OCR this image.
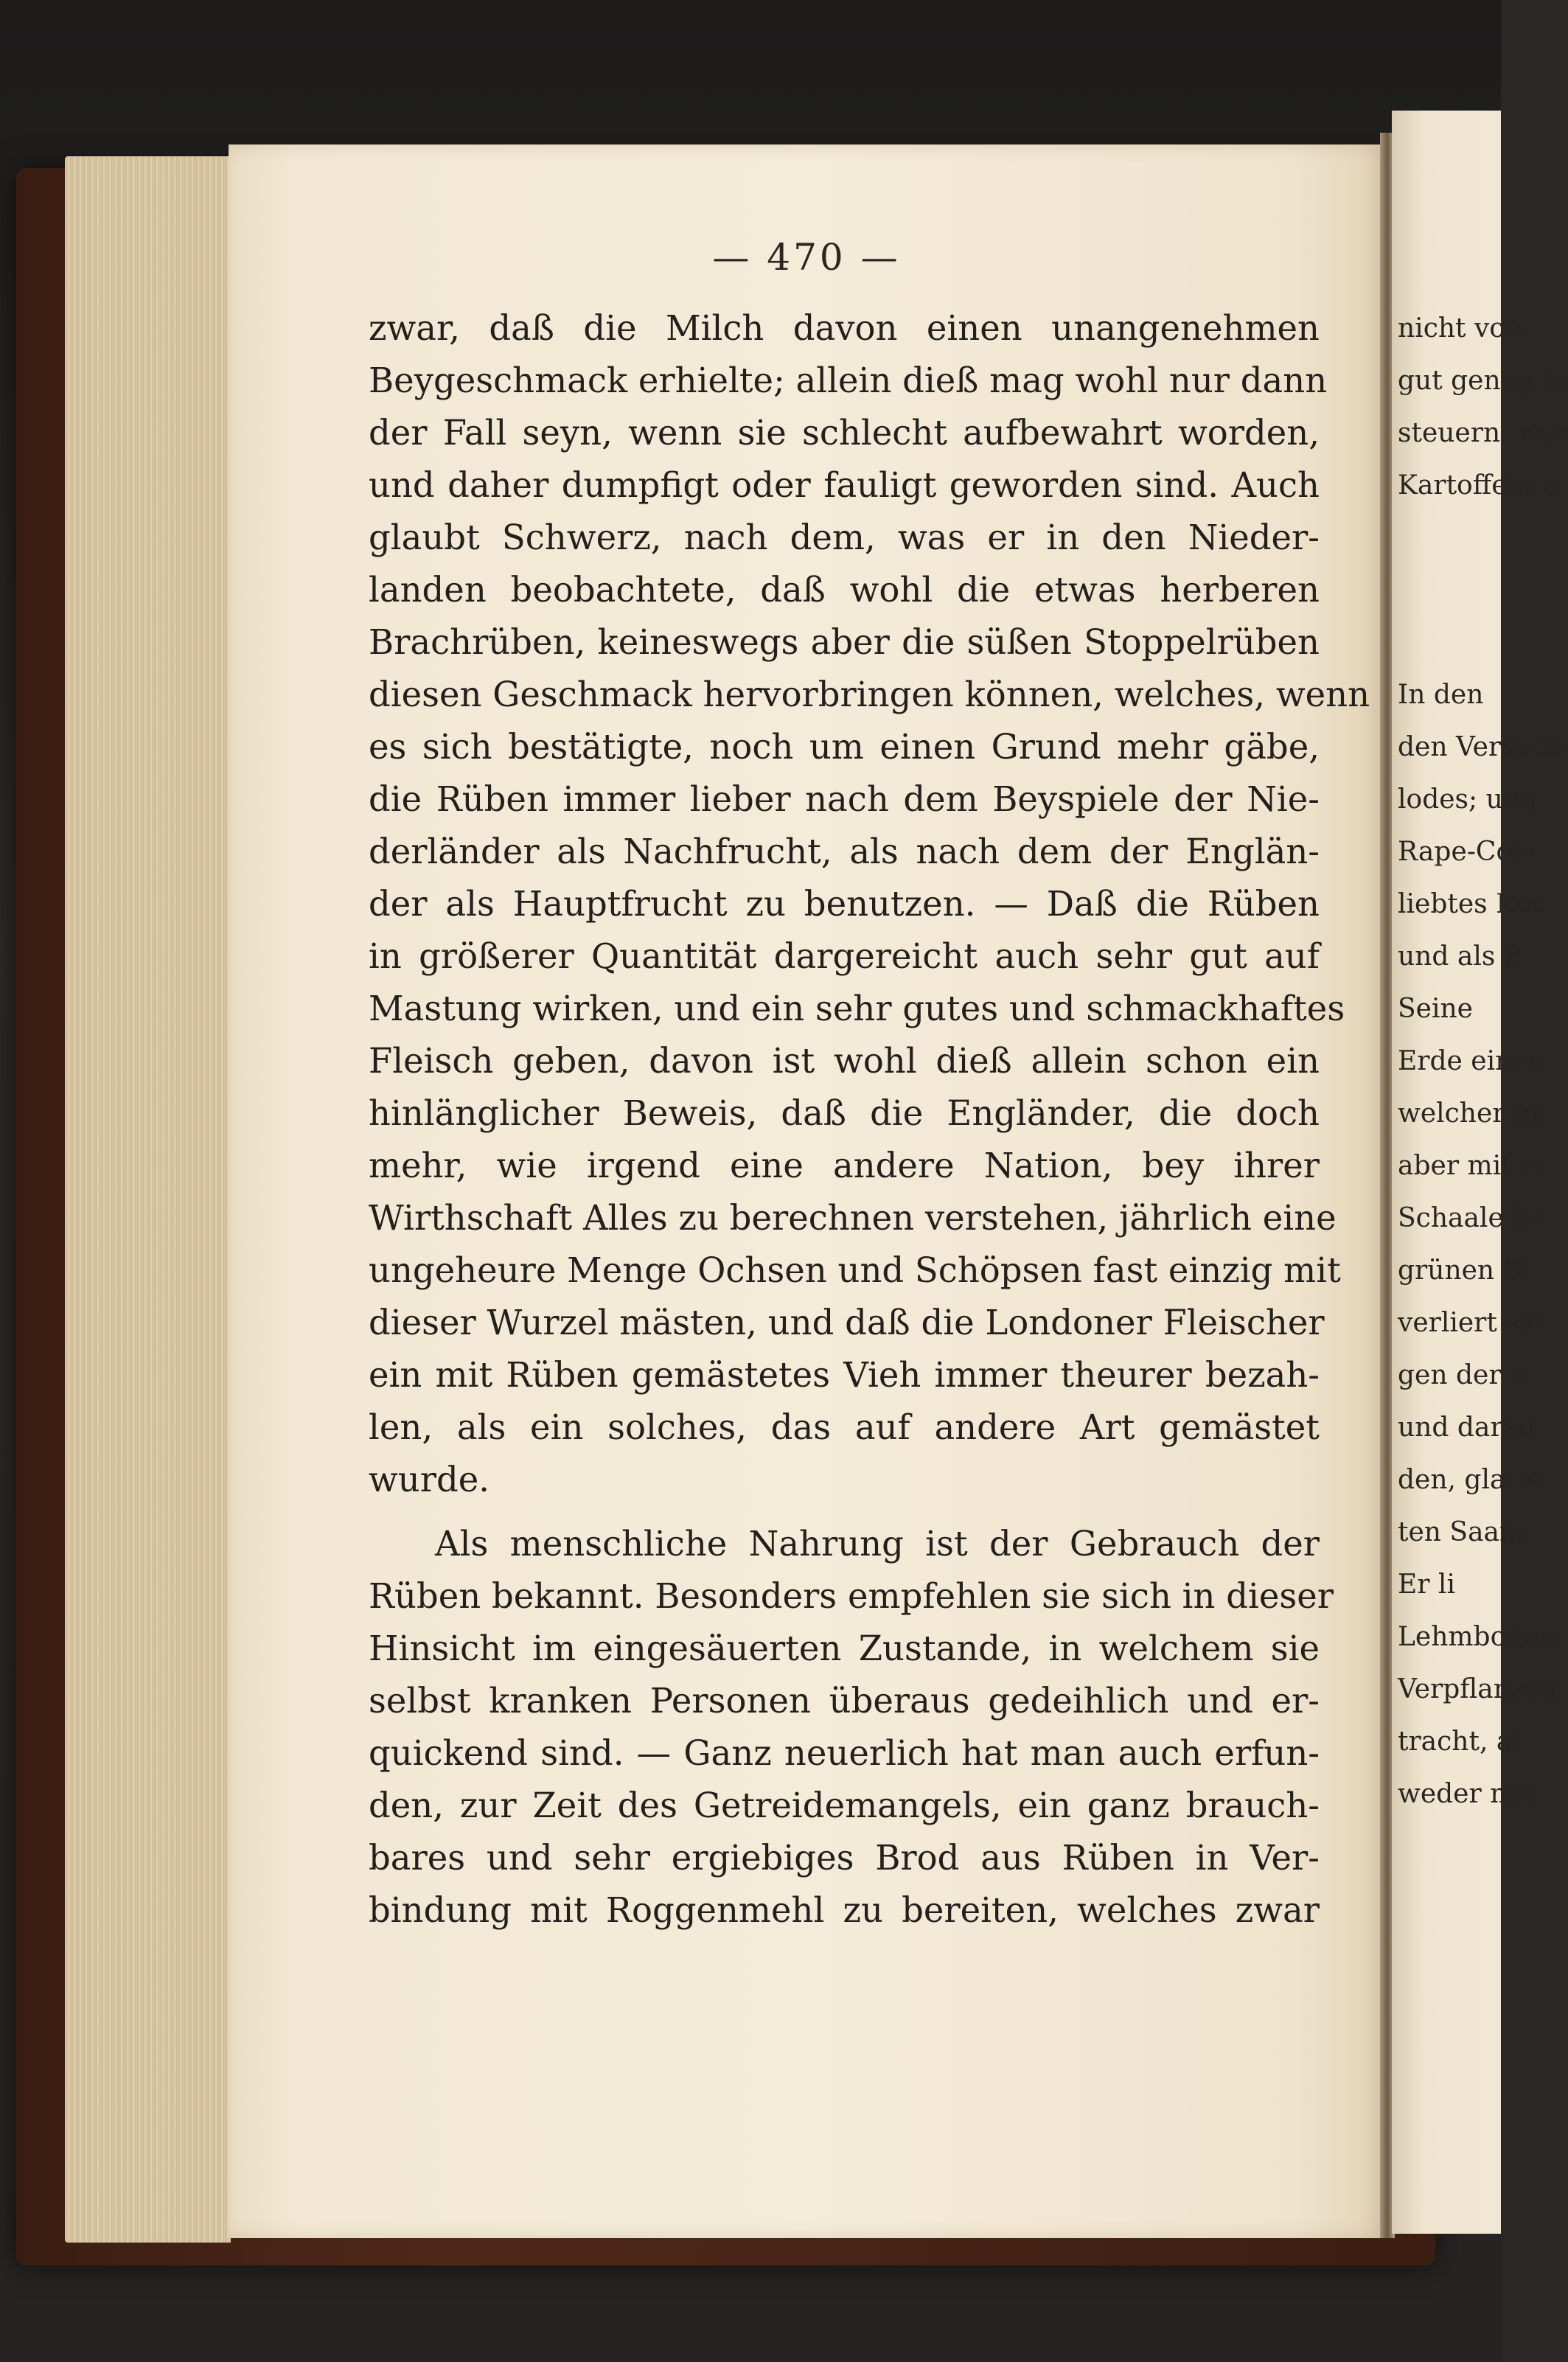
— 470 —
zwar, daß die Milch davon einen unangenehmen
Beygeschmack erhielte; allein dieß mag wohl nur dann
der Fall seyn, wenn sie schlecht aufbewahrt worden,
und daher dumpfigt oder fauligt geworden sind. Auch
glaubt Schwerz, nach dem, was er in den Nieder-
landen beobachtete, daß wohl die etwas herberen
Brachrüben, keineswegs aber die süßen Stoppelrüben
diesen Geschmack hervorbringen können, welches, wenn
es sich bestätigte, noch um einen Grund mehr gäbe,
die Rüben immer lieber nach dem Beyspiele der Nie-
derländer als Nachfrucht, als nach dem der Englän-
der als Hauptfrucht zu benutzen. — Daß die Rüben
in größerer Quantität dargereicht auch sehr gut auf
Mastung wirken, und ein sehr gutes und schmackhaftes
Fleisch geben, davon ist wohl dieß allein schon ein
hinlänglicher Beweis, daß die Engländer, die doch
mehr, wie irgend eine andere Nation, bey ihrer
Wirthschaft Alles zu berechnen verstehen, jährlich eine
ungeheure Menge Ochsen und Schöpsen fast einzig mit
dieser Wurzel mästen, und daß die Londoner Fleischer
ein mit Rüben gemästetes Vieh immer theurer bezah-
len, als ein solches, das auf andere Art gemästet
wurde.
Als menschliche Nahrung ist der Gebrauch der
Rüben bekannt. Besonders empfehlen sie sich in dieser
Hinsicht im eingesäuerten Zustande, in welchem sie
selbst kranken Personen überaus gedeihlich und er-
quickend sind. — Ganz neuerlich hat man auch erfun-
den, zur Zeit des Getreidemangels, ein ganz brauch-
bares und sehr ergiebiges Brod aus Rüben in Ver-
bindung mit Roggenmehl zu bereiten, welches zwar
nicht vom
gut genug is
steuern, wer
Kartoffeln u
In den
den Versuch
lodes; ung
Rape-Cole
liebtes Küc
und als B
Seine
Erde einen
welcher im
aber mit ei
Schaale be
grünen Bl
verliert sic
gen der a
und darau
den, glatte
ten Saam
Er li
Lehmboden
Verpflanzen
tracht, al
weder mit
